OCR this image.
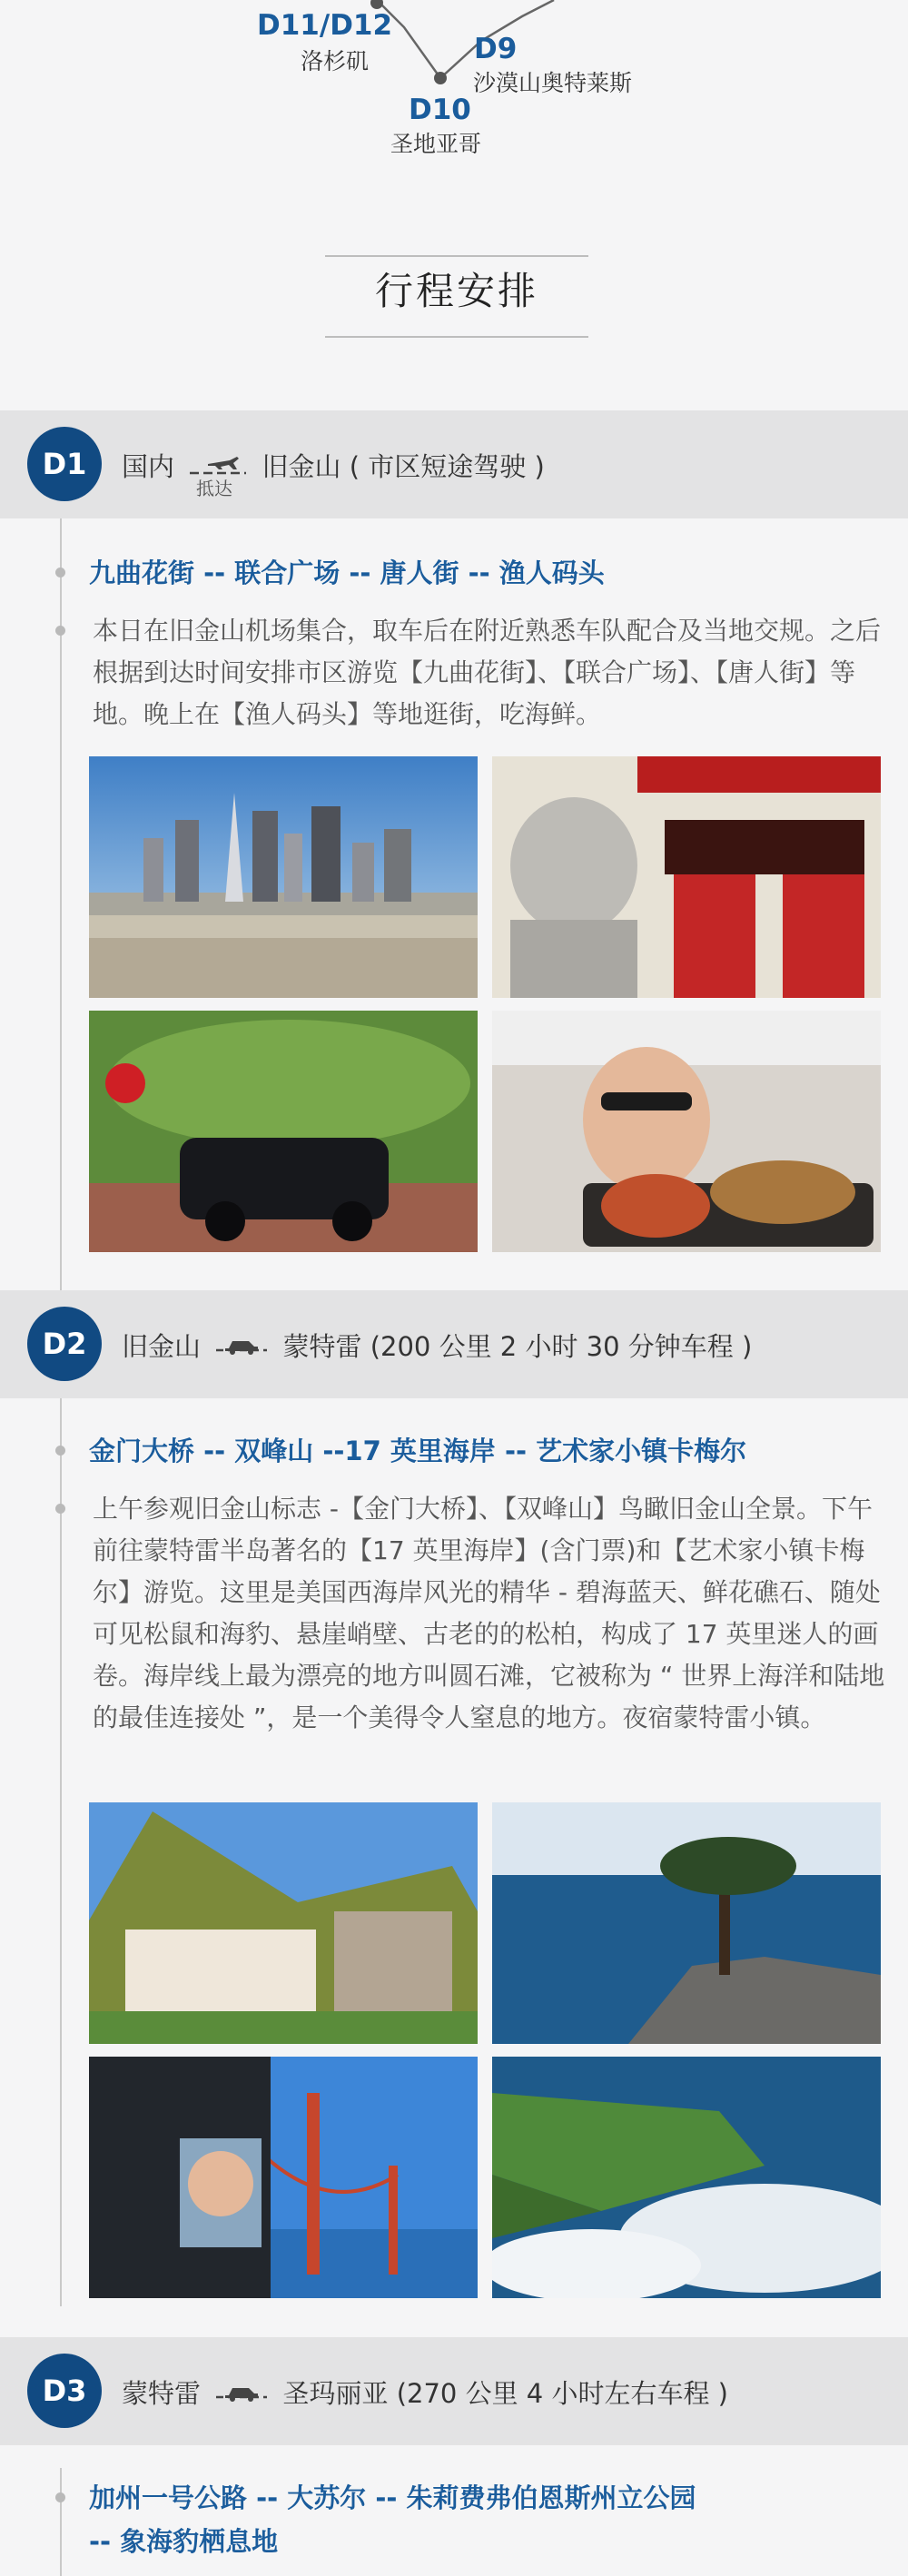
D11/D12
洛杉矶	D9
沙漠山奥特莱斯
D10
圣地亚哥
行程安排
D1	国内	旧金山 ( 市区短途驾驶 )
抵达
九曲花街 -- 联合广场 -- 唐人街 -- 渔人码头
本日在旧金山机场集合，取车后在附近熟悉车队配合及当地交规。之后根据到达时间安排市区游览【九曲花街】、【联合广场】、【唐人街】等地。晚上在【渔人码头】等地逛街，吃海鲜。
D2	旧金山	蒙特雷 (200 公里 2 小时 30 分钟车程 )
金门大桥 -- 双峰山 --17 英里海岸 -- 艺术家小镇卡梅尔
上午参观旧金山标志 -【金门大桥】、【双峰山】鸟瞰旧金山全景。下午前往蒙特雷半岛著名的【17 英里海岸】(含门票)和【艺术家小镇卡梅尔】游览。这里是美国西海岸风光的精华 - 碧海蓝天、鲜花礁石、随处可见松鼠和海豹、悬崖峭壁、古老的的松柏，构成了 17 英里迷人的画卷。海岸线上最为漂亮的地方叫圆石滩，它被称为 “ 世界上海洋和陆地的最佳连接处 ”，是一个美得令人窒息的地方。夜宿蒙特雷小镇。
D3	蒙特雷	圣玛丽亚 (270 公里 4 小时左右车程 )
加州一号公路 -- 大苏尔 -- 朱莉费弗伯恩斯州立公园
-- 象海豹栖息地
